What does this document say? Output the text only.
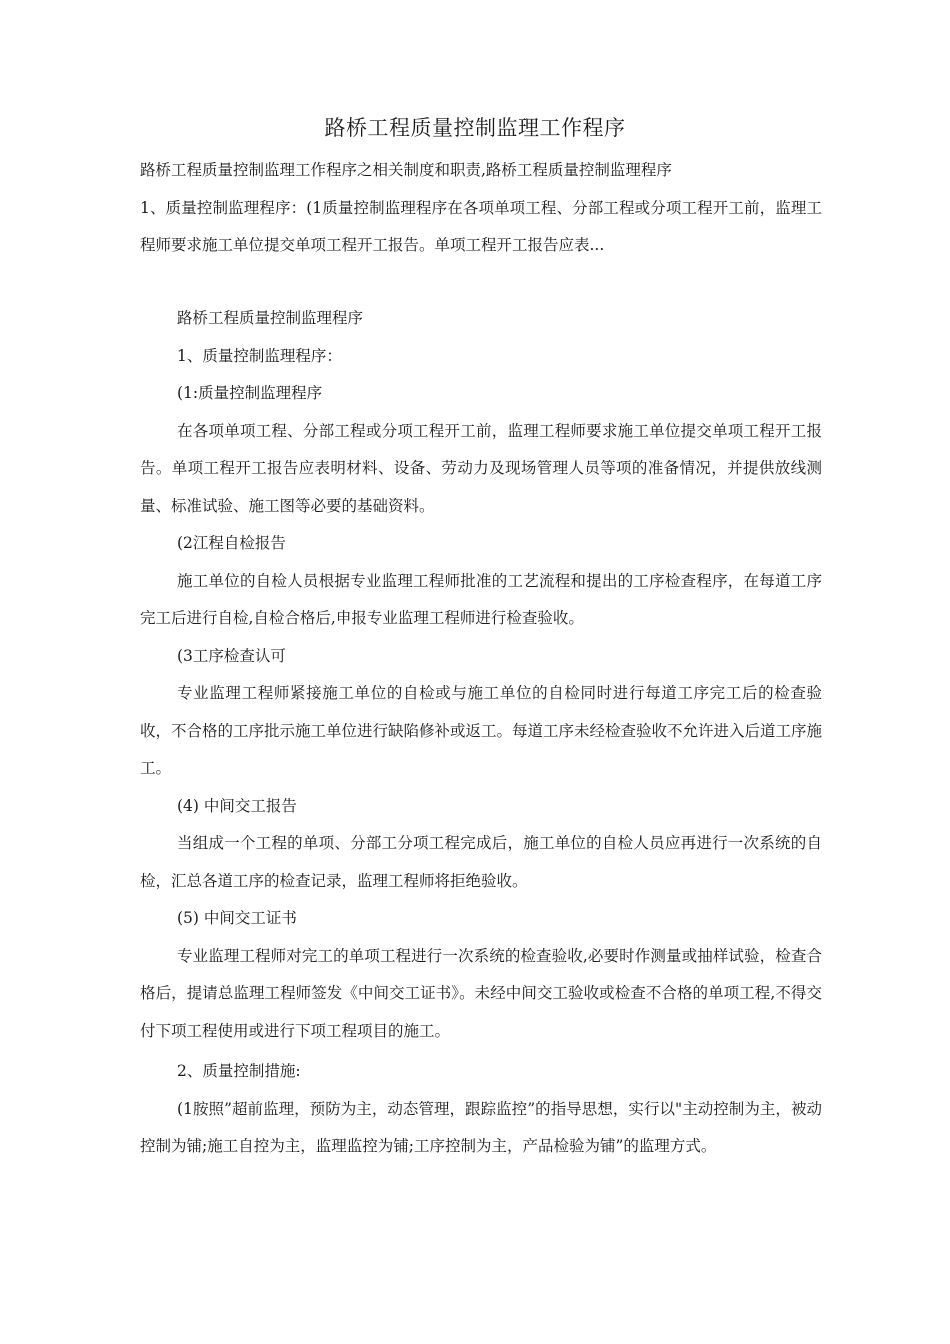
路桥工程质量控制监理工作程序

路桥工程质量控制监理工作程序之相关制度和职责,路桥工程质量控制监理程序

1、质量控制监理程序：(1质量控制监理程序在各项单项工程、分部工程或分项工程开工前，监理工程师要求施工单位提交单项工程开工报告。单项工程开工报告应表...

路桥工程质量控制监理程序

1、质量控制监理程序：

(1:质量控制监理程序

在各项单项工程、分部工程或分项工程开工前，监理工程师要求施工单位提交单项工程开工报告。单项工程开工报告应表明材料、设备、劳动力及现场管理人员等项的准备情况，并提供放线测量、标准试验、施工图等必要的基础资料。

(2江程自检报告

施工单位的自检人员根据专业监理工程师批准的工艺流程和提出的工序检查程序，在每道工序完工后进行自检,自检合格后,申报专业监理工程师进行检查验收。

(3工序检查认可

专业监理工程师紧接施工单位的自检或与施工单位的自检同时进行每道工序完工后的检查验收，不合格的工序批示施工单位进行缺陷修补或返工。每道工序未经检查验收不允许进入后道工序施工。

(4) 中间交工报告

当组成一个工程的单项、分部工分项工程完成后，施工单位的自检人员应再进行一次系统的自检，汇总各道工序的检查记录，监理工程师将拒绝验收。

(5) 中间交工证书

专业监理工程师对完工的单项工程进行一次系统的检查验收,必要时作测量或抽样试验，检查合格后，提请总监理工程师签发《中间交工证书》。未经中间交工验收或检查不合格的单项工程,不得交付下项工程使用或进行下项工程项目的施工。

2、质量控制措施:

(1胺照”超前监理，预防为主，动态管理，跟踪监控”的指导思想，实行以"主动控制为主，被动控制为铺;施工自控为主，监理监控为铺;工序控制为主，产品检验为铺”的监理方式。
